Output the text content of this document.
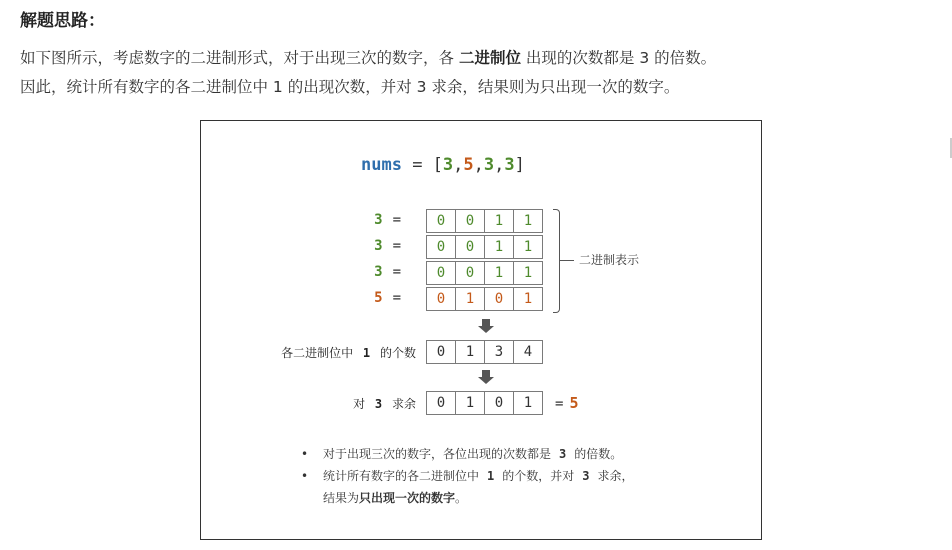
解题思路：
如下图所示，考虑数字的二进制形式，对于出现三次的数字，各 二进制位 出现的次数都是 3 的倍数。
因此，统计所有数字的各二进制位中 1 的出现次数，并对 3 求余，结果则为只出现一次的数字。
nums = [3,5,3,3]
3 =	0	0	1	1
3 =	0	0	1	1
3 =	0	0	1	1
5 =	0	1	0	1
二进制表示
各二进制位中 1 的个数	0	1	3	4
对 3 求余	0	1	0	1	= 5
• 对于出现三次的数字，各位出现的次数都是 3 的倍数。
• 统计所有数字的各二进制位中 1 的个数，并对 3 求余，
结果为只出现一次的数字。
